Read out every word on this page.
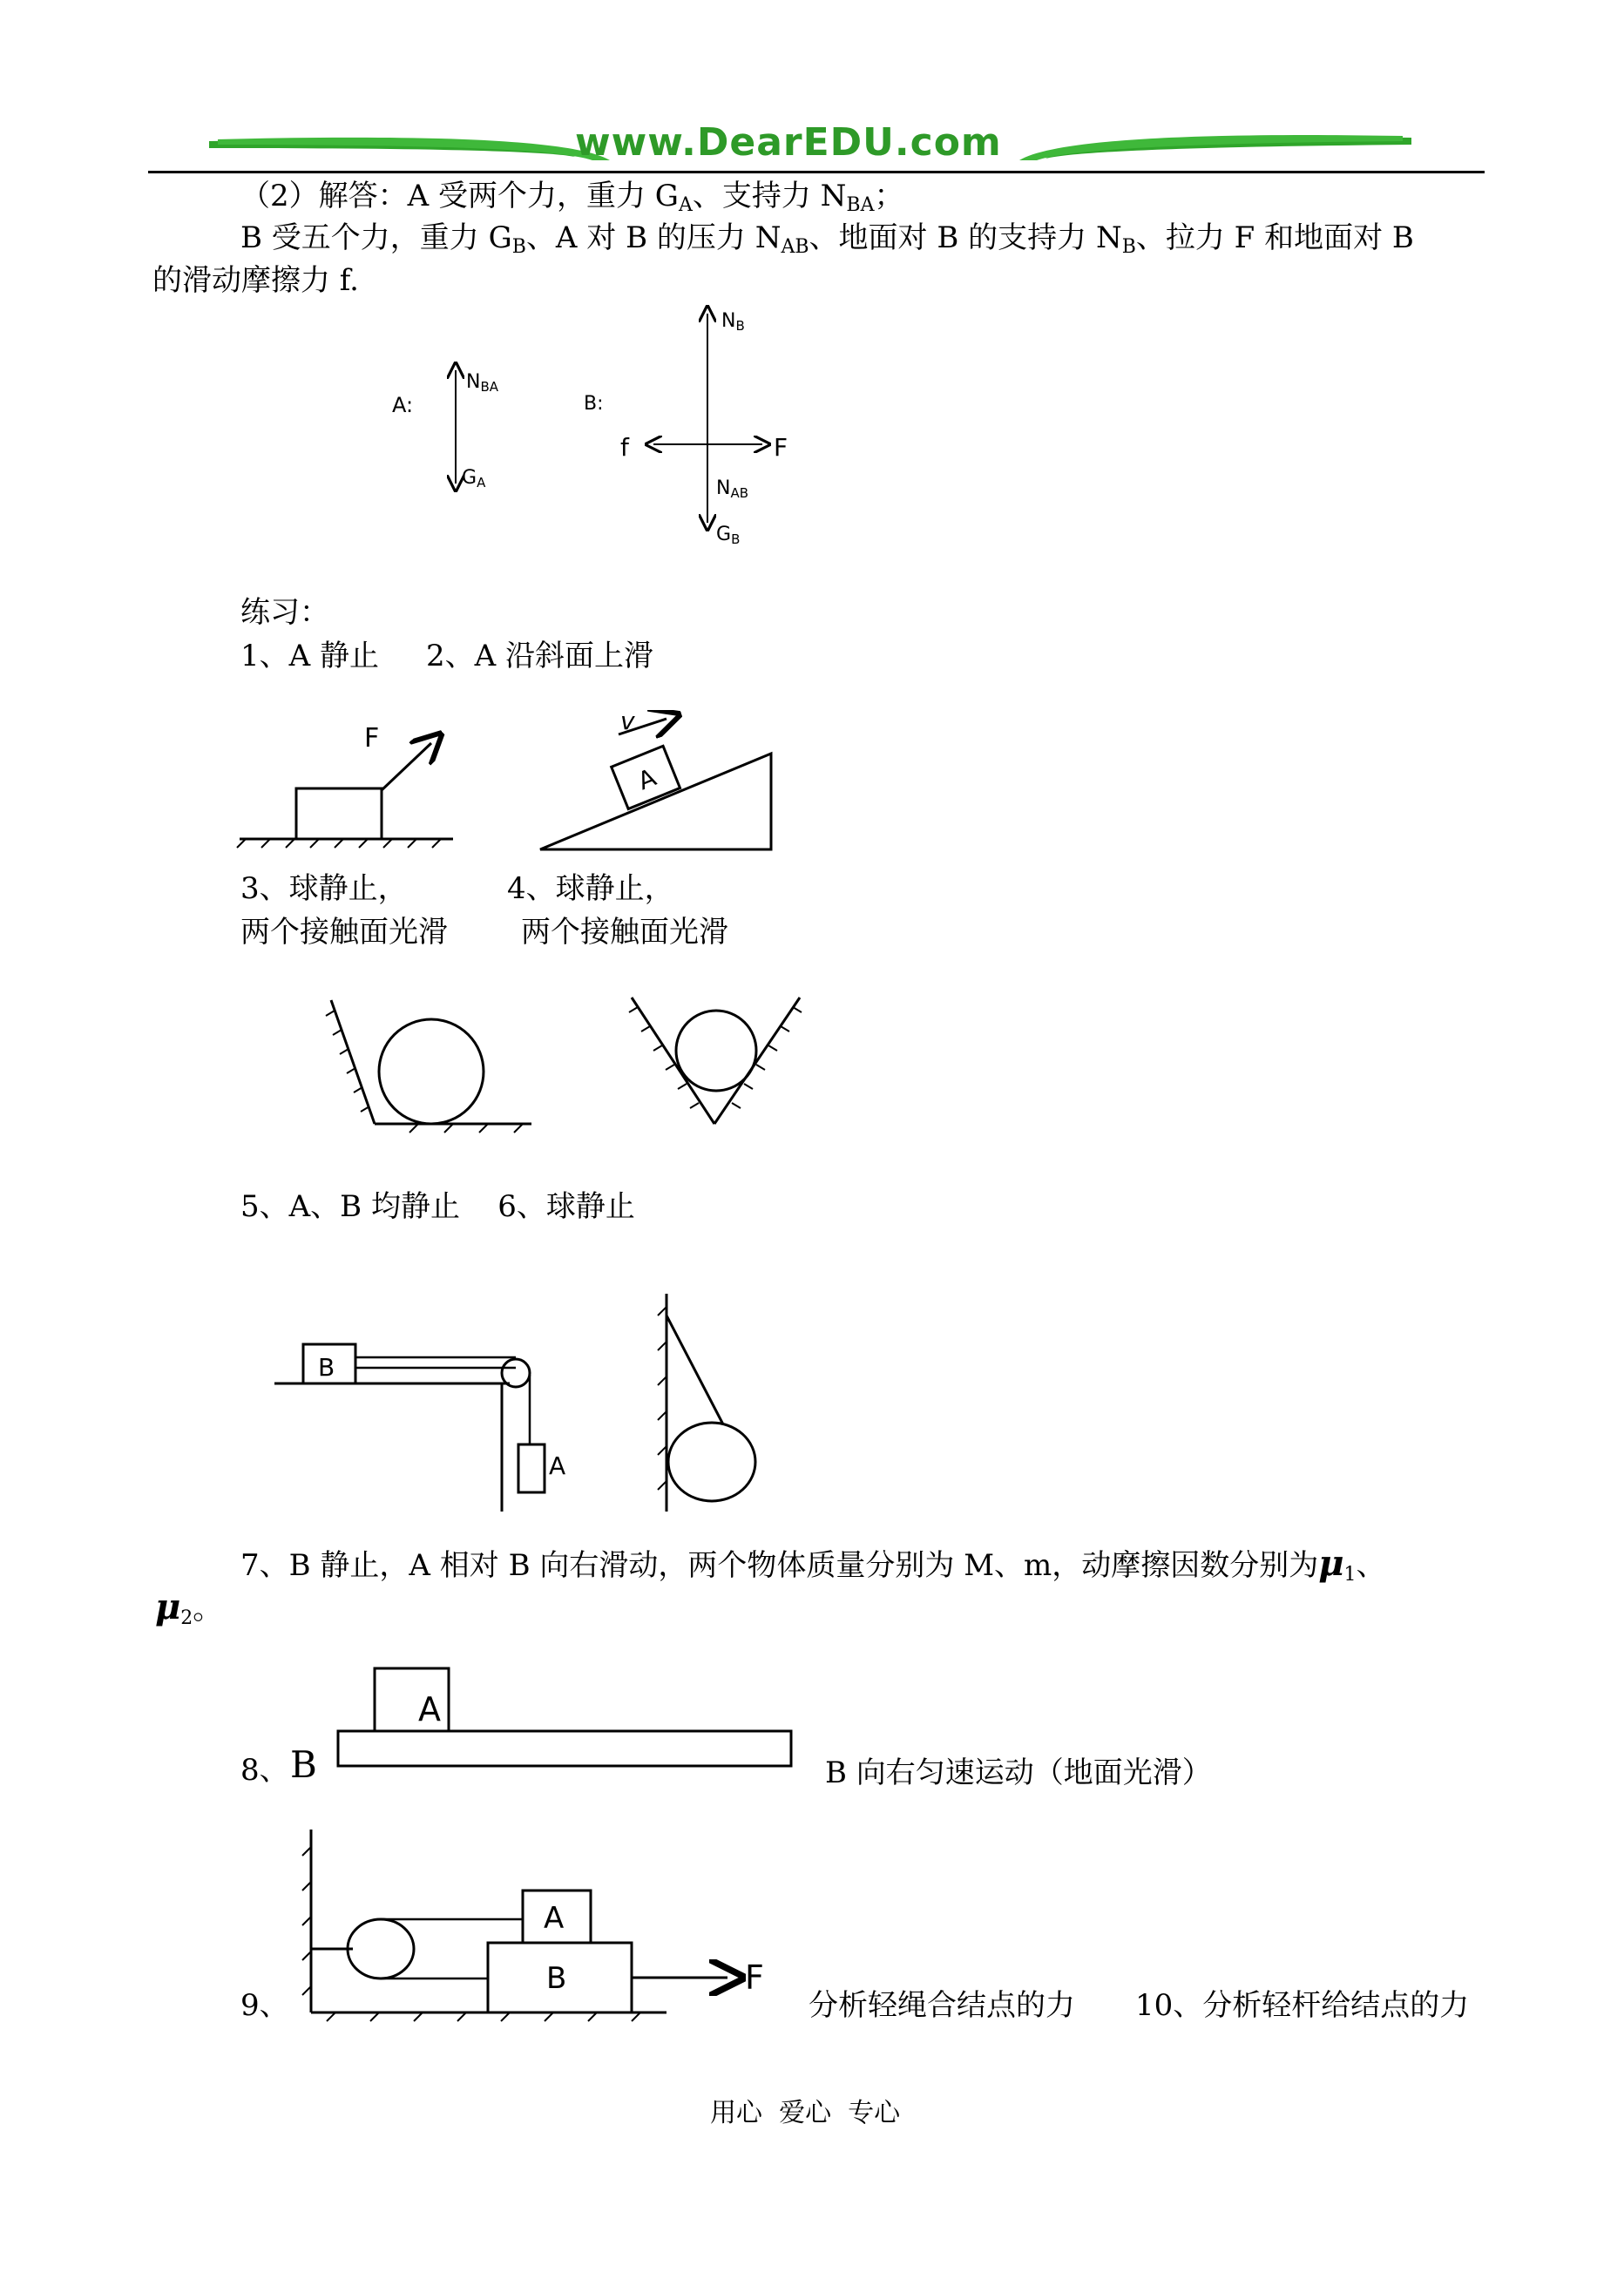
www.DearEDU.com
（2）解答：A 受两个力，重力 $G_A$、支持力 $N_{BA}$；
B 受五个力，重力 $G_B$、A 对 B 的压力 $N_{AB}$、地面对 B 的支持力 $N_B$、拉力 F 和地面对 B
的滑动摩擦力 f.
A:
NBA
GA
B:
NB
f	F
NAB
GB
练习：
1、A 静止     2、A 沿斜面上滑
F
A
v
3、球静止，	4、球静止，
两个接触面光滑 两个接触面光滑
5、A、B 均静止    6、球静止
B
A
7、B 静止，A 相对 B 向右滑动，两个物体质量分别为 M、m，动摩擦因数分别为$\mu_1$、
$\mu_2$。
A
8、 B	B 向右匀速运动（地面光滑）
A
B	F
9、	分析轻绳合结点的力 10、分析轻杆给结点的力
用心  爱心  专心
